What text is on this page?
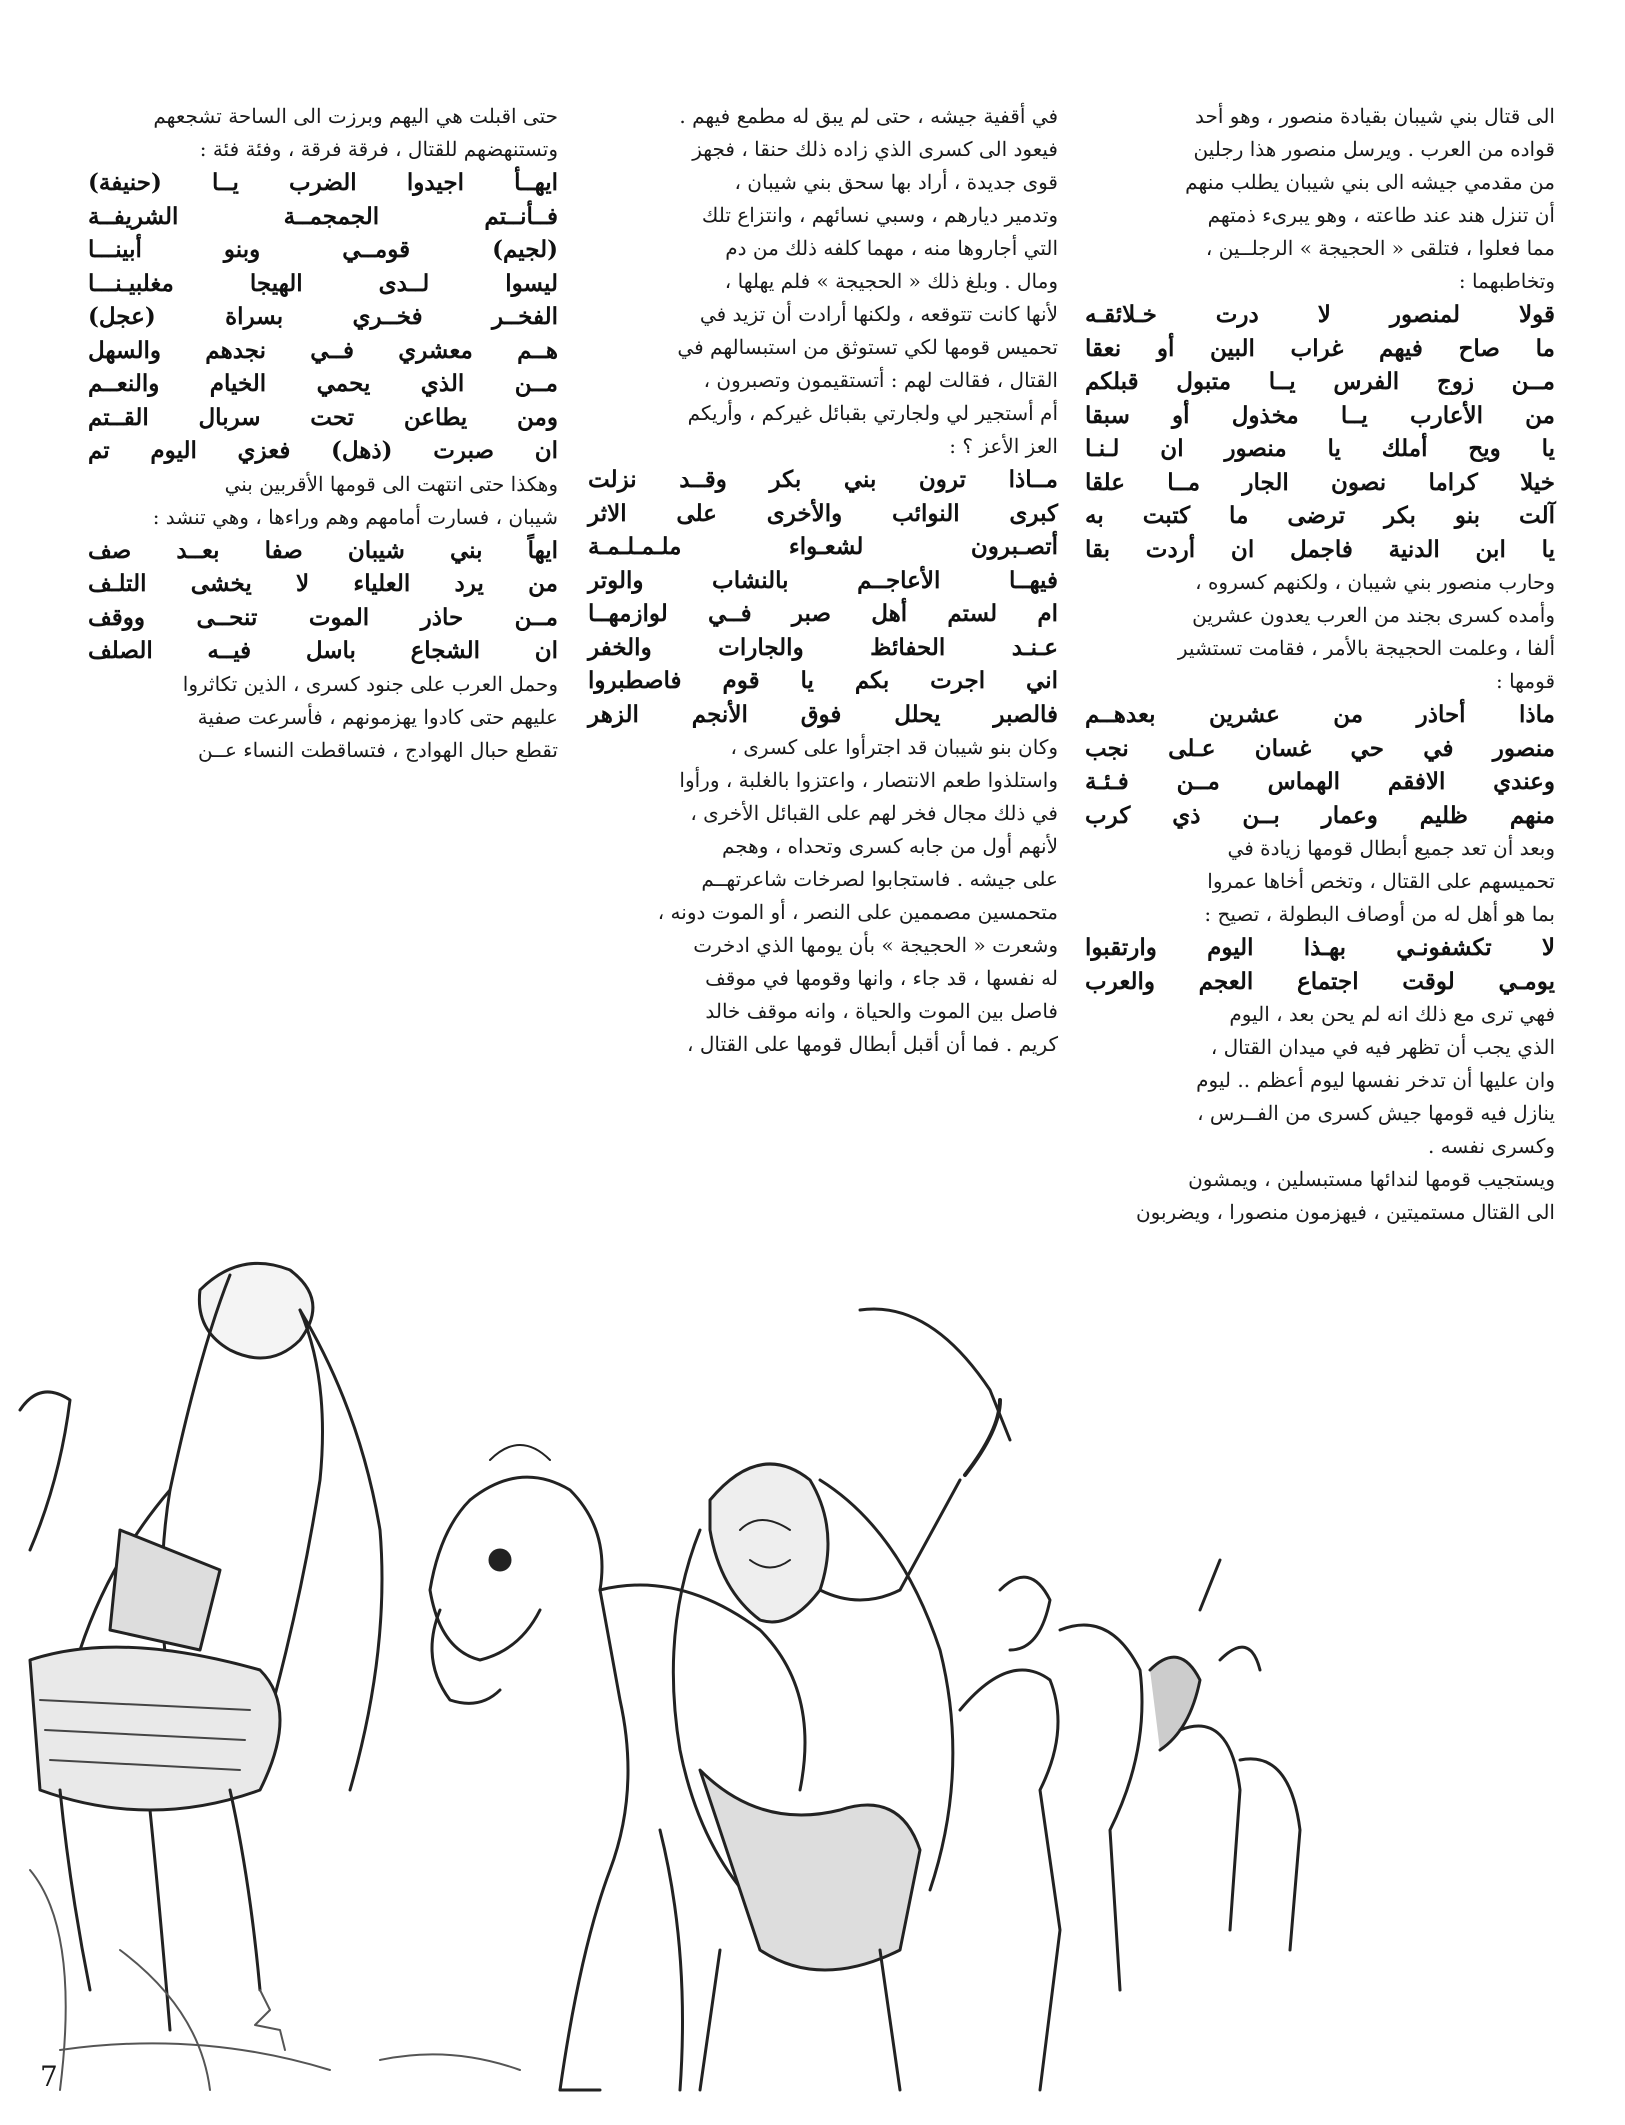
الى قتال بني شيبان بقيادة منصور ، وهو أحد
قواده من العرب . ويرسل منصور هذا رجلين
من مقدمي جيشه الى بني شيبان يطلب منهم
أن تنزل هند عند طاعته ، وهو يبرىء ذمتهم
مما فعلوا ، فتلقى « الحجيجة » الرجلــين ،
وتخاطبهما :
قولا لمنصور لا درت خـلائقـه
ما صاح فيهم غراب البين أو نعقا
مــن زوج الفرس يــا متبول قبلكم
من الأعارب يــا مخذول أو سبقا
يا ويح أملك يا منصور ان لـنـا
خيلا كراما نصون الجار مــا علقا
آلت بنو بكر ترضى ما كتبت به
يا ابن الدنية فاجمل ان أردت بقا
وحارب منصور بني شيبان ، ولكنهم كسروه ،
وأمده كسرى بجند من العرب يعدون عشرين
ألفا ، وعلمت الحجيجة بالأمر ، فقامت تستشير
قومها :
ماذا أحاذر من عشرين بعدهــم
منصور في حي غسان عـلى نجب
وعندي الافقم الهماس مــن فـئـة
منهم ظليم وعمار بــن ذي كرب
وبعد أن تعد جميع أبطال قومها زيادة في
تحميسهم على القتال ، وتخص أخاها عمروا
بما هو أهل له من أوصاف البطولة ، تصيح :
لا تكشفونـي بهـذا اليوم وارتقبوا
يومـي لوقت اجتماع العجم والعرب
فهي ترى مع ذلك انه لم يحن بعد ، اليوم
الذي يجب أن تظهر فيه في ميدان القتال ،
وان عليها أن تدخر نفسها ليوم أعظم .. ليوم
ينازل فيه قومها جيش كسرى من الفــرس ،
وكسرى نفسه .
ويستجيب قومها لندائها مستبسلين ، ويمشون
الى القتال مستميتين ، فيهزمون منصورا ، ويضربون
في أقفية جيشه ، حتى لم يبق له مطمع فيهم .
فيعود الى كسرى الذي زاده ذلك حنقا ، فجهز
قوى جديدة ، أراد بها سحق بني شيبان ،
وتدمير ديارهم ، وسبي نسائهم ، وانتزاع تلك
التي أجاروها منه ، مهما كلفه ذلك من دم
ومال . وبلغ ذلك « الحجيجة » فلم يهلها ،
لأنها كانت تتوقعه ، ولكنها أرادت أن تزيد في
تحميس قومها لكي تستوثق من استبسالهم في
القتال ، فقالت لهم : أتستقيمون وتصبرون ،
أم أستجير لي ولجارتي بقبائل غيركم ، وأريكم
العز الأعز ؟ :
مــاذا ترون بني بكر وقــد نزلت
كبرى النوائب والأخرى على الاثر
أتصـبرون لشعـواء ملـمـلـمـة
فيهــا الأعاجــم بالنشاب والوتر
ام لستم أهل صبر فــي لوازمهــا
عـنـد الحفائظ والجارات والخفر
اني اجرت بكم يا قوم فاصطبروا
فالصبر يحلل فوق الأنجم الزهر
وكان بنو شيبان قد اجترأوا على كسرى ،
واستلذوا طعم الانتصار ، واعتزوا بالغلبة ، ورأوا
في ذلك مجال فخر لهم على القبائل الأخرى ،
لأنهم أول من جابه كسرى وتحداه ، وهجم
على جيشه . فاستجابوا لصرخات شاعرتهــم
متحمسين مصممين على النصر ، أو الموت دونه ،
وشعرت « الحجيجة » بأن يومها الذي ادخرت
له نفسها ، قد جاء ، وانها وقومها في موقف
فاصل بين الموت والحياة ، وانه موقف خالد
كريم . فما أن أقبل أبطال قومها على القتال ،
حتى اقبلت هي اليهم وبرزت الى الساحة تشجعهم
وتستنهضهم للقتال ، فرقة فرقة ، وفئة فئة :
ايهــأ اجيدوا الضرب يــا (حنيفة)
فــأنــتم الجمجمــة الشريفــة
(لجيم) قومــي وبنو أبينـــا
ليسوا لــدى الهيجا مغلبيـنـــا
الفخــر فخــري بسراة (عجل)
هــم معشري فــي نجدهم والسهل
مــن الذي يحمي الخيام والنعــم
ومن يطاعن تحت سربال القــتم
ان صبرت (ذهل) فعزي اليوم تم
وهكذا حتى انتهت الى قومها الأقربين بني
شيبان ، فسارت أمامهم وهم وراءها ، وهي تنشد :
ايهاً بني شيبان صفا بعــد صف
من يرد العلياء لا يخشى التلـف
مــن حاذر الموت تنحــى ووقف
ان الشجاع باسل فيــه الصلف
وحمل العرب على جنود كسرى ، الذين تكاثروا
عليهم حتى كادوا يهزمونهم ، فأسرعت صفية
تقطع حبال الهوادج ، فتساقطت النساء عــن
7
